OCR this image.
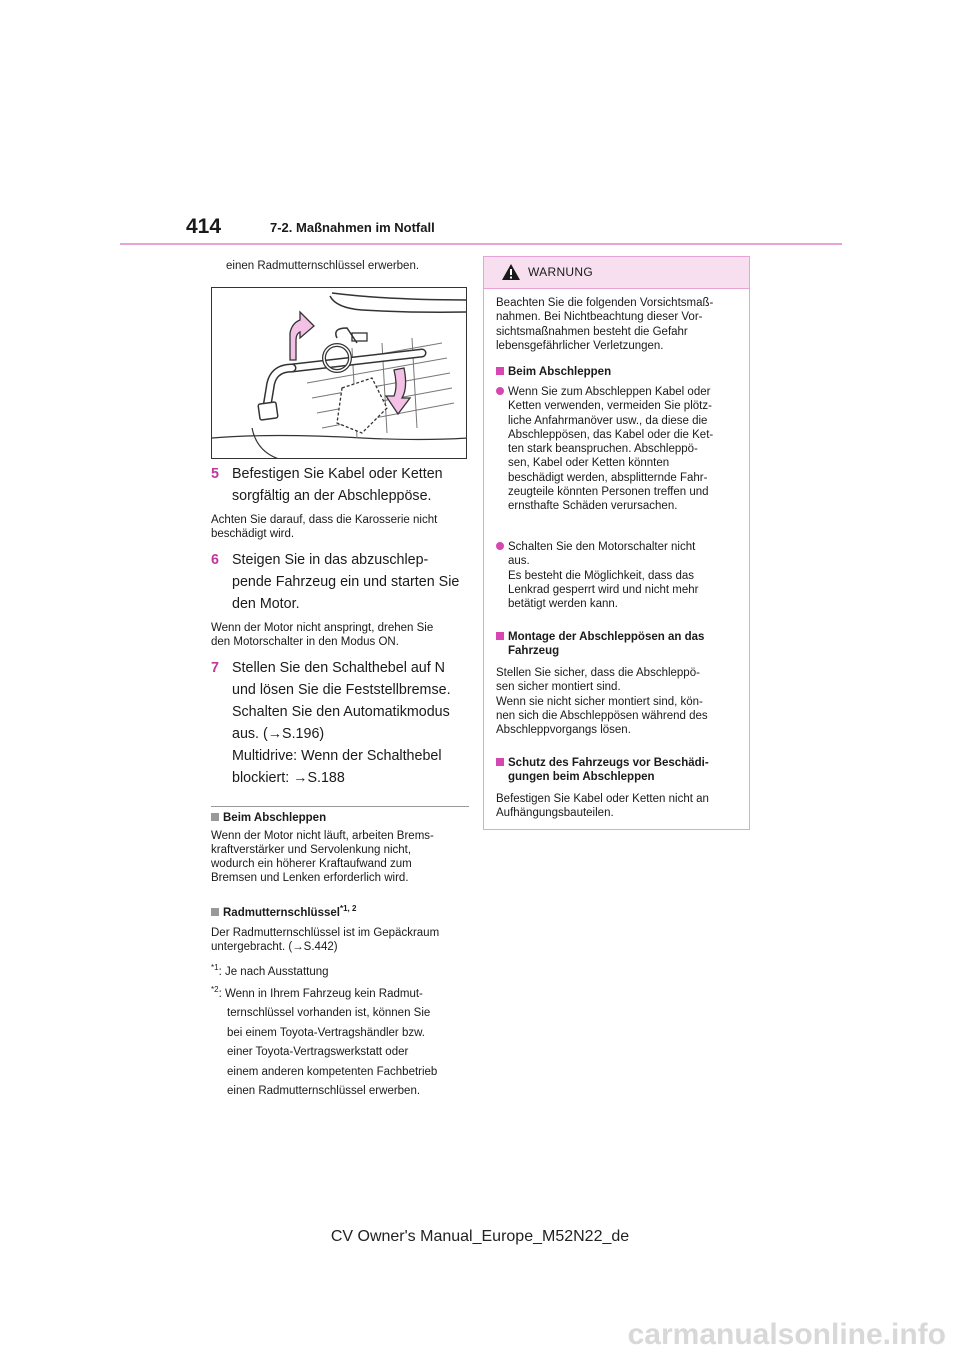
414	7-2. Maßnahmen im Notfall
einen Radmutternschlüssel erwerben.
5 Befestigen Sie Kabel oder Ketten
sorgfältig an der Abschleppöse.
Achten Sie darauf, dass die Karosserie nicht
beschädigt wird.
6 Steigen Sie in das abzuschlep-
pende Fahrzeug ein und starten Sie
den Motor.
Wenn der Motor nicht anspringt, drehen Sie
den Motorschalter in den Modus ON.
7 Stellen Sie den Schalthebel auf N
und lösen Sie die Feststellbremse.
Schalten Sie den Automatikmodus
aus. (→S.196)
Multidrive: Wenn der Schalthebel
blockiert: →S.188
Beim Abschleppen
Wenn der Motor nicht läuft, arbeiten Brems-
kraftverstärker und Servolenkung nicht,
wodurch ein höherer Kraftaufwand zum
Bremsen und Lenken erforderlich wird.
Radmutternschlüssel$^{*1, 2}$
Der Radmutternschlüssel ist im Gepäckraum
untergebracht. (→S.442)
$^{*1}$: Je nach Ausstattung
$^{*2}$: Wenn in Ihrem Fahrzeug kein Radmut-
ternschlüssel vorhanden ist, können Sie
bei einem Toyota-Vertragshändler bzw.
einer Toyota-Vertragswerkstatt oder
einem anderen kompetenten Fachbetrieb
einen Radmutternschlüssel erwerben.
WARNUNG
Beachten Sie die folgenden Vorsichtsmaß-
nahmen. Bei Nichtbeachtung dieser Vor-
sichtsmaßnahmen besteht die Gefahr
lebensgefährlicher Verletzungen.
Beim Abschleppen
Wenn Sie zum Abschleppen Kabel oder
Ketten verwenden, vermeiden Sie plötz-
liche Anfahrmanöver usw., da diese die
Abschleppösen, das Kabel oder die Ket-
ten stark beanspruchen. Abschleppö-
sen, Kabel oder Ketten könnten
beschädigt werden, absplitternde Fahr-
zeugteile könnten Personen treffen und
ernsthafte Schäden verursachen.
Schalten Sie den Motorschalter nicht
aus.
Es besteht die Möglichkeit, dass das
Lenkrad gesperrt wird und nicht mehr
betätigt werden kann.
Montage der Abschleppösen an das
Fahrzeug
Stellen Sie sicher, dass die Abschleppö-
sen sicher montiert sind.
Wenn sie nicht sicher montiert sind, kön-
nen sich die Abschleppösen während des
Abschleppvorgangs lösen.
Schutz des Fahrzeugs vor Beschädi-
gungen beim Abschleppen
Befestigen Sie Kabel oder Ketten nicht an
Aufhängungsbauteilen.
CV Owner's Manual_Europe_M52N22_de
carmanualsonline.info
